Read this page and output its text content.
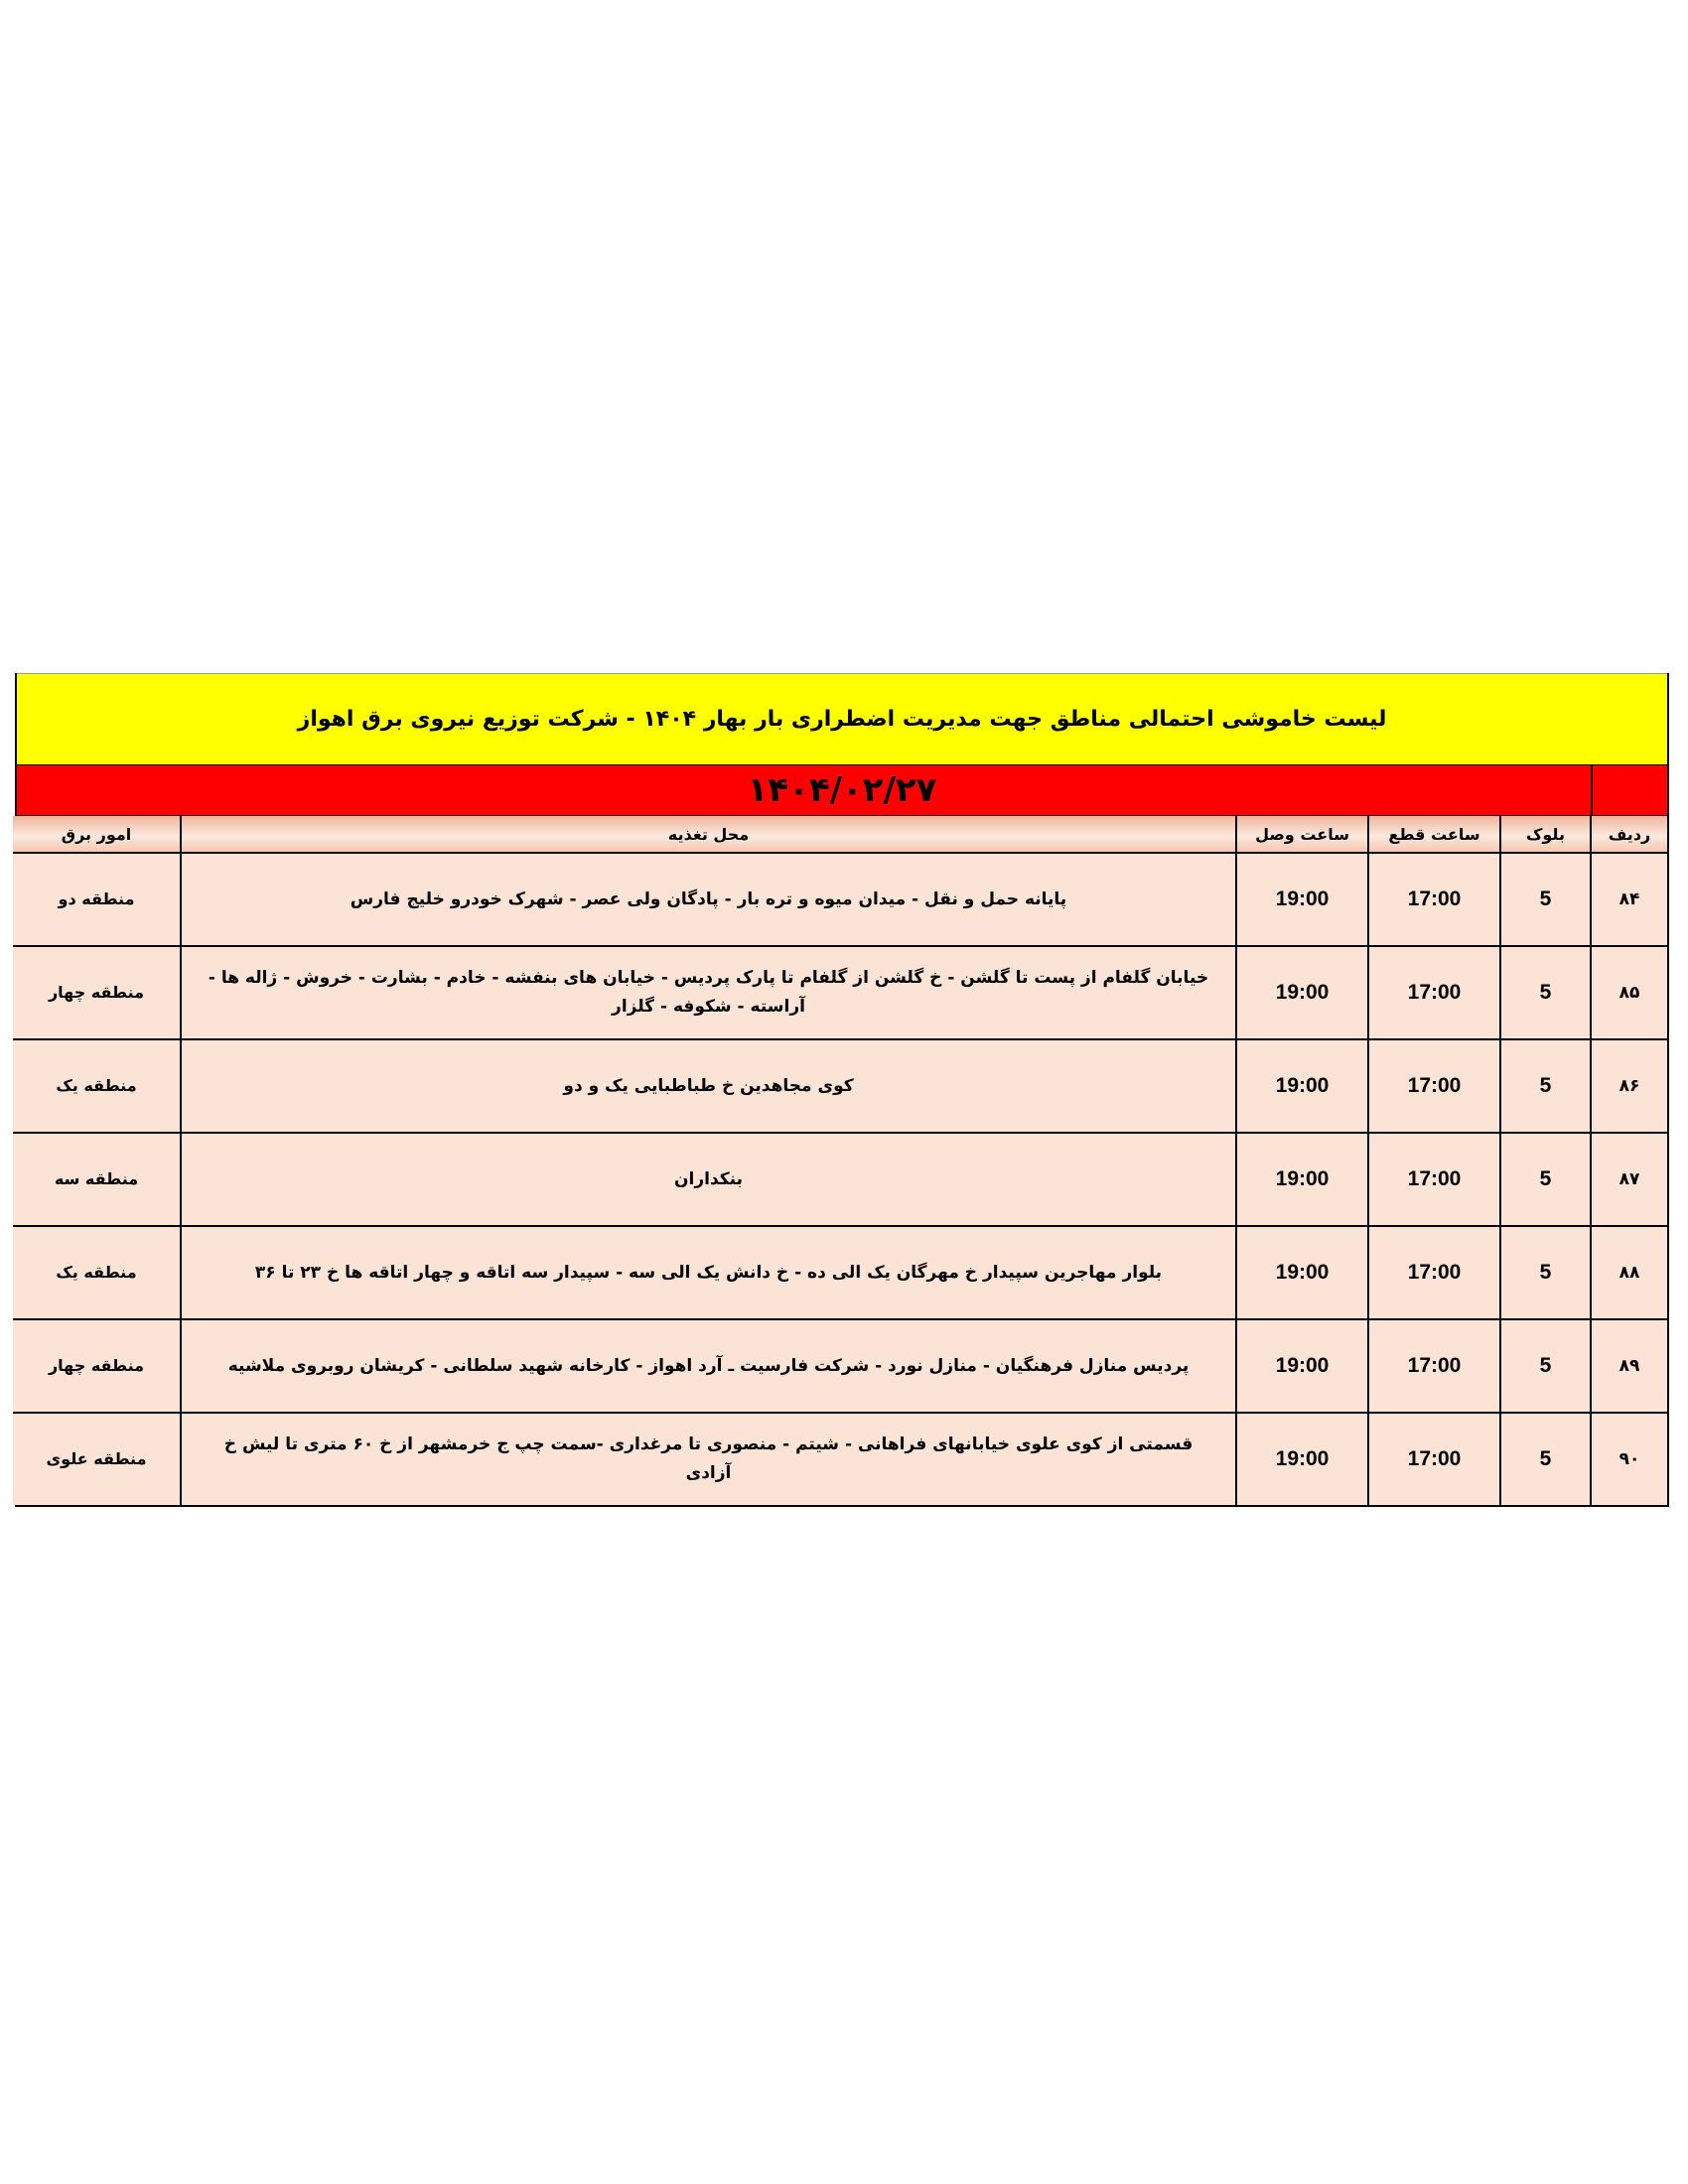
لیست خاموشی احتمالی مناطق جهت مدیریت اضطراری بار بهار ۱۴۰۴ - شرکت توزیع نیروی برق اهواز
۱۴۰۴/۰۲/۲۷
ردیف	بلوک	ساعت قطع	ساعت وصل	محل تغذیه	امور برق
۸۴	5	17:00	19:00	پایانه حمل و نقل - میدان میوه و تره بار - پادگان ولی عصر - شهرک خودرو خلیج فارس	منطقه دو
۸۵	5	17:00	19:00	خیابان گلفام از پست تا گلشن - خ گلشن از گلفام تا پارک پردیس - خیابان های بنفشه - خادم - بشارت - خروش - ژاله ها - آراسته - شکوفه - گلزار	منطقه چهار
۸۶	5	17:00	19:00	کوی مجاهدین خ طباطبایی یک و دو	منطقه یک
۸۷	5	17:00	19:00	بنکداران	منطقه سه
۸۸	5	17:00	19:00	بلوار مهاجرین سپیدار خ مهرگان یک الی ده - خ دانش یک الی سه - سپیدار سه اتاقه و چهار اتاقه ها خ ۲۳ تا ۳۶	منطقه یک
۸۹	5	17:00	19:00	پردیس منازل فرهنگیان - منازل نورد - شرکت فارسیت ـ آرد اهواز - کارخانه شهید سلطانی - کریشان روبروی ملاشیه	منطقه چهار
۹۰	5	17:00	19:00	قسمتی از کوی علوی خیابانهای فراهانی - شیتم - منصوری تا مرغداری -سمت چپ ج خرمشهر از خ ۶۰ متری تا لیش خ آزادی	منطقه علوی
